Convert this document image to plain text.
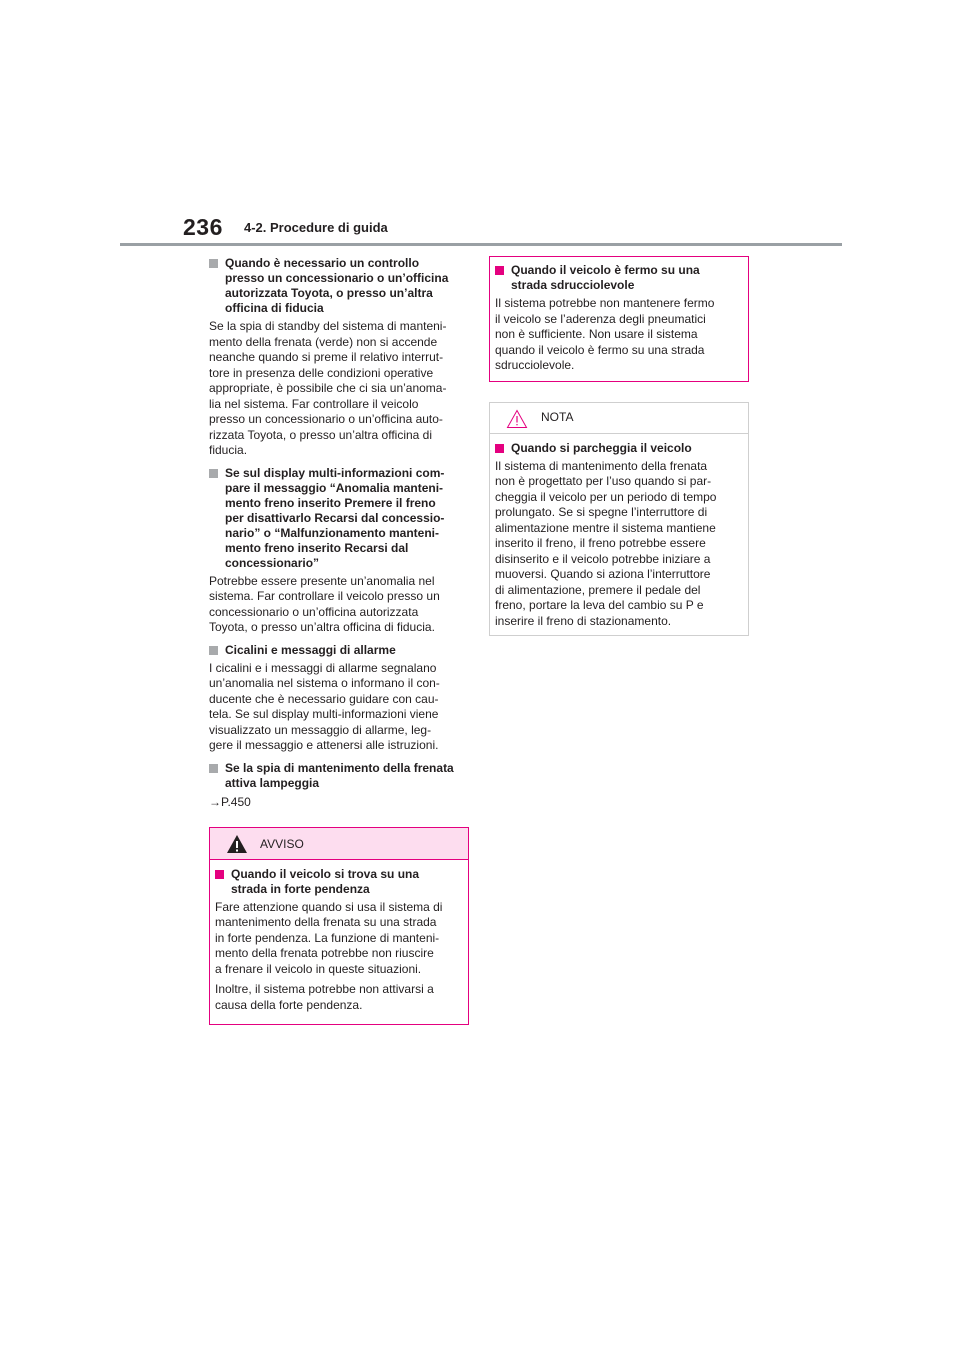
236 4-2. Procedure di guida
Quando è necessario un controllo
presso un concessionario o un’officina
autorizzata Toyota, o presso un’altra
officina di fiducia
Se la spia di standby del sistema di manteni-
mento della frenata (verde) non si accende
neanche quando si preme il relativo interrut-
tore in presenza delle condizioni operative
appropriate, è possibile che ci sia un’anoma-
lia nel sistema. Far controllare il veicolo
presso un concessionario o un’officina auto-
rizzata Toyota, o presso un’altra officina di
fiducia.
Se sul display multi-informazioni com-
pare il messaggio “Anomalia manteni-
mento freno inserito Premere il freno
per disattivarlo Recarsi dal concessio-
nario” o “Malfunzionamento manteni-
mento freno inserito Recarsi dal
concessionario”
Potrebbe essere presente un’anomalia nel
sistema. Far controllare il veicolo presso un
concessionario o un’officina autorizzata
Toyota, o presso un’altra officina di fiducia.
Cicalini e messaggi di allarme
I cicalini e i messaggi di allarme segnalano
un’anomalia nel sistema o informano il con-
ducente che è necessario guidare con cau-
tela. Se sul display multi-informazioni viene
visualizzato un messaggio di allarme, leg-
gere il messaggio e attenersi alle istruzioni.
Se la spia di mantenimento della frenata
attiva lampeggia
→P.450
AVVISO
Quando il veicolo si trova su una
strada in forte pendenza

Fare attenzione quando si usa il sistema di
mantenimento della frenata su una strada
in forte pendenza. La funzione di manteni-
mento della frenata potrebbe non riuscire
a frenare il veicolo in queste situazioni.

Inoltre, il sistema potrebbe non attivarsi a
causa della forte pendenza.

Quando il veicolo è fermo su una
strada sdrucciolevole
Il sistema potrebbe non mantenere fermo
il veicolo se l’aderenza degli pneumatici
non è sufficiente. Non usare il sistema
quando il veicolo è fermo su una strada
sdrucciolevole.
NOTA
Quando si parcheggia il veicolo
Il sistema di mantenimento della frenata
non è progettato per l’uso quando si par-
cheggia il veicolo per un periodo di tempo
prolungato. Se si spegne l’interruttore di
alimentazione mentre il sistema mantiene
inserito il freno, il freno potrebbe essere
disinserito e il veicolo potrebbe iniziare a
muoversi. Quando si aziona l’interruttore
di alimentazione, premere il pedale del
freno, portare la leva del cambio su P e
inserire il freno di stazionamento.
